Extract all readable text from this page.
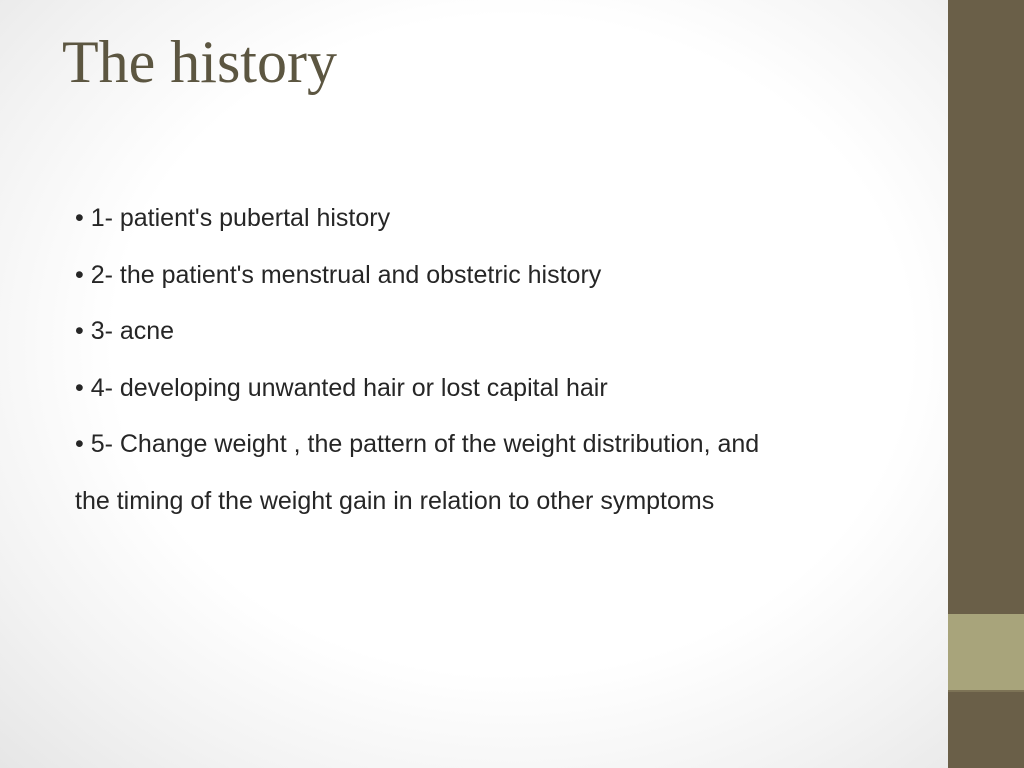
The history
• 1- patient's pubertal history
• 2- the patient's menstrual and obstetric history
• 3- acne
• 4- developing unwanted hair or lost capital hair
• 5- Change weight , the pattern of the weight distribution, and
the timing of the weight gain in relation to other symptoms
